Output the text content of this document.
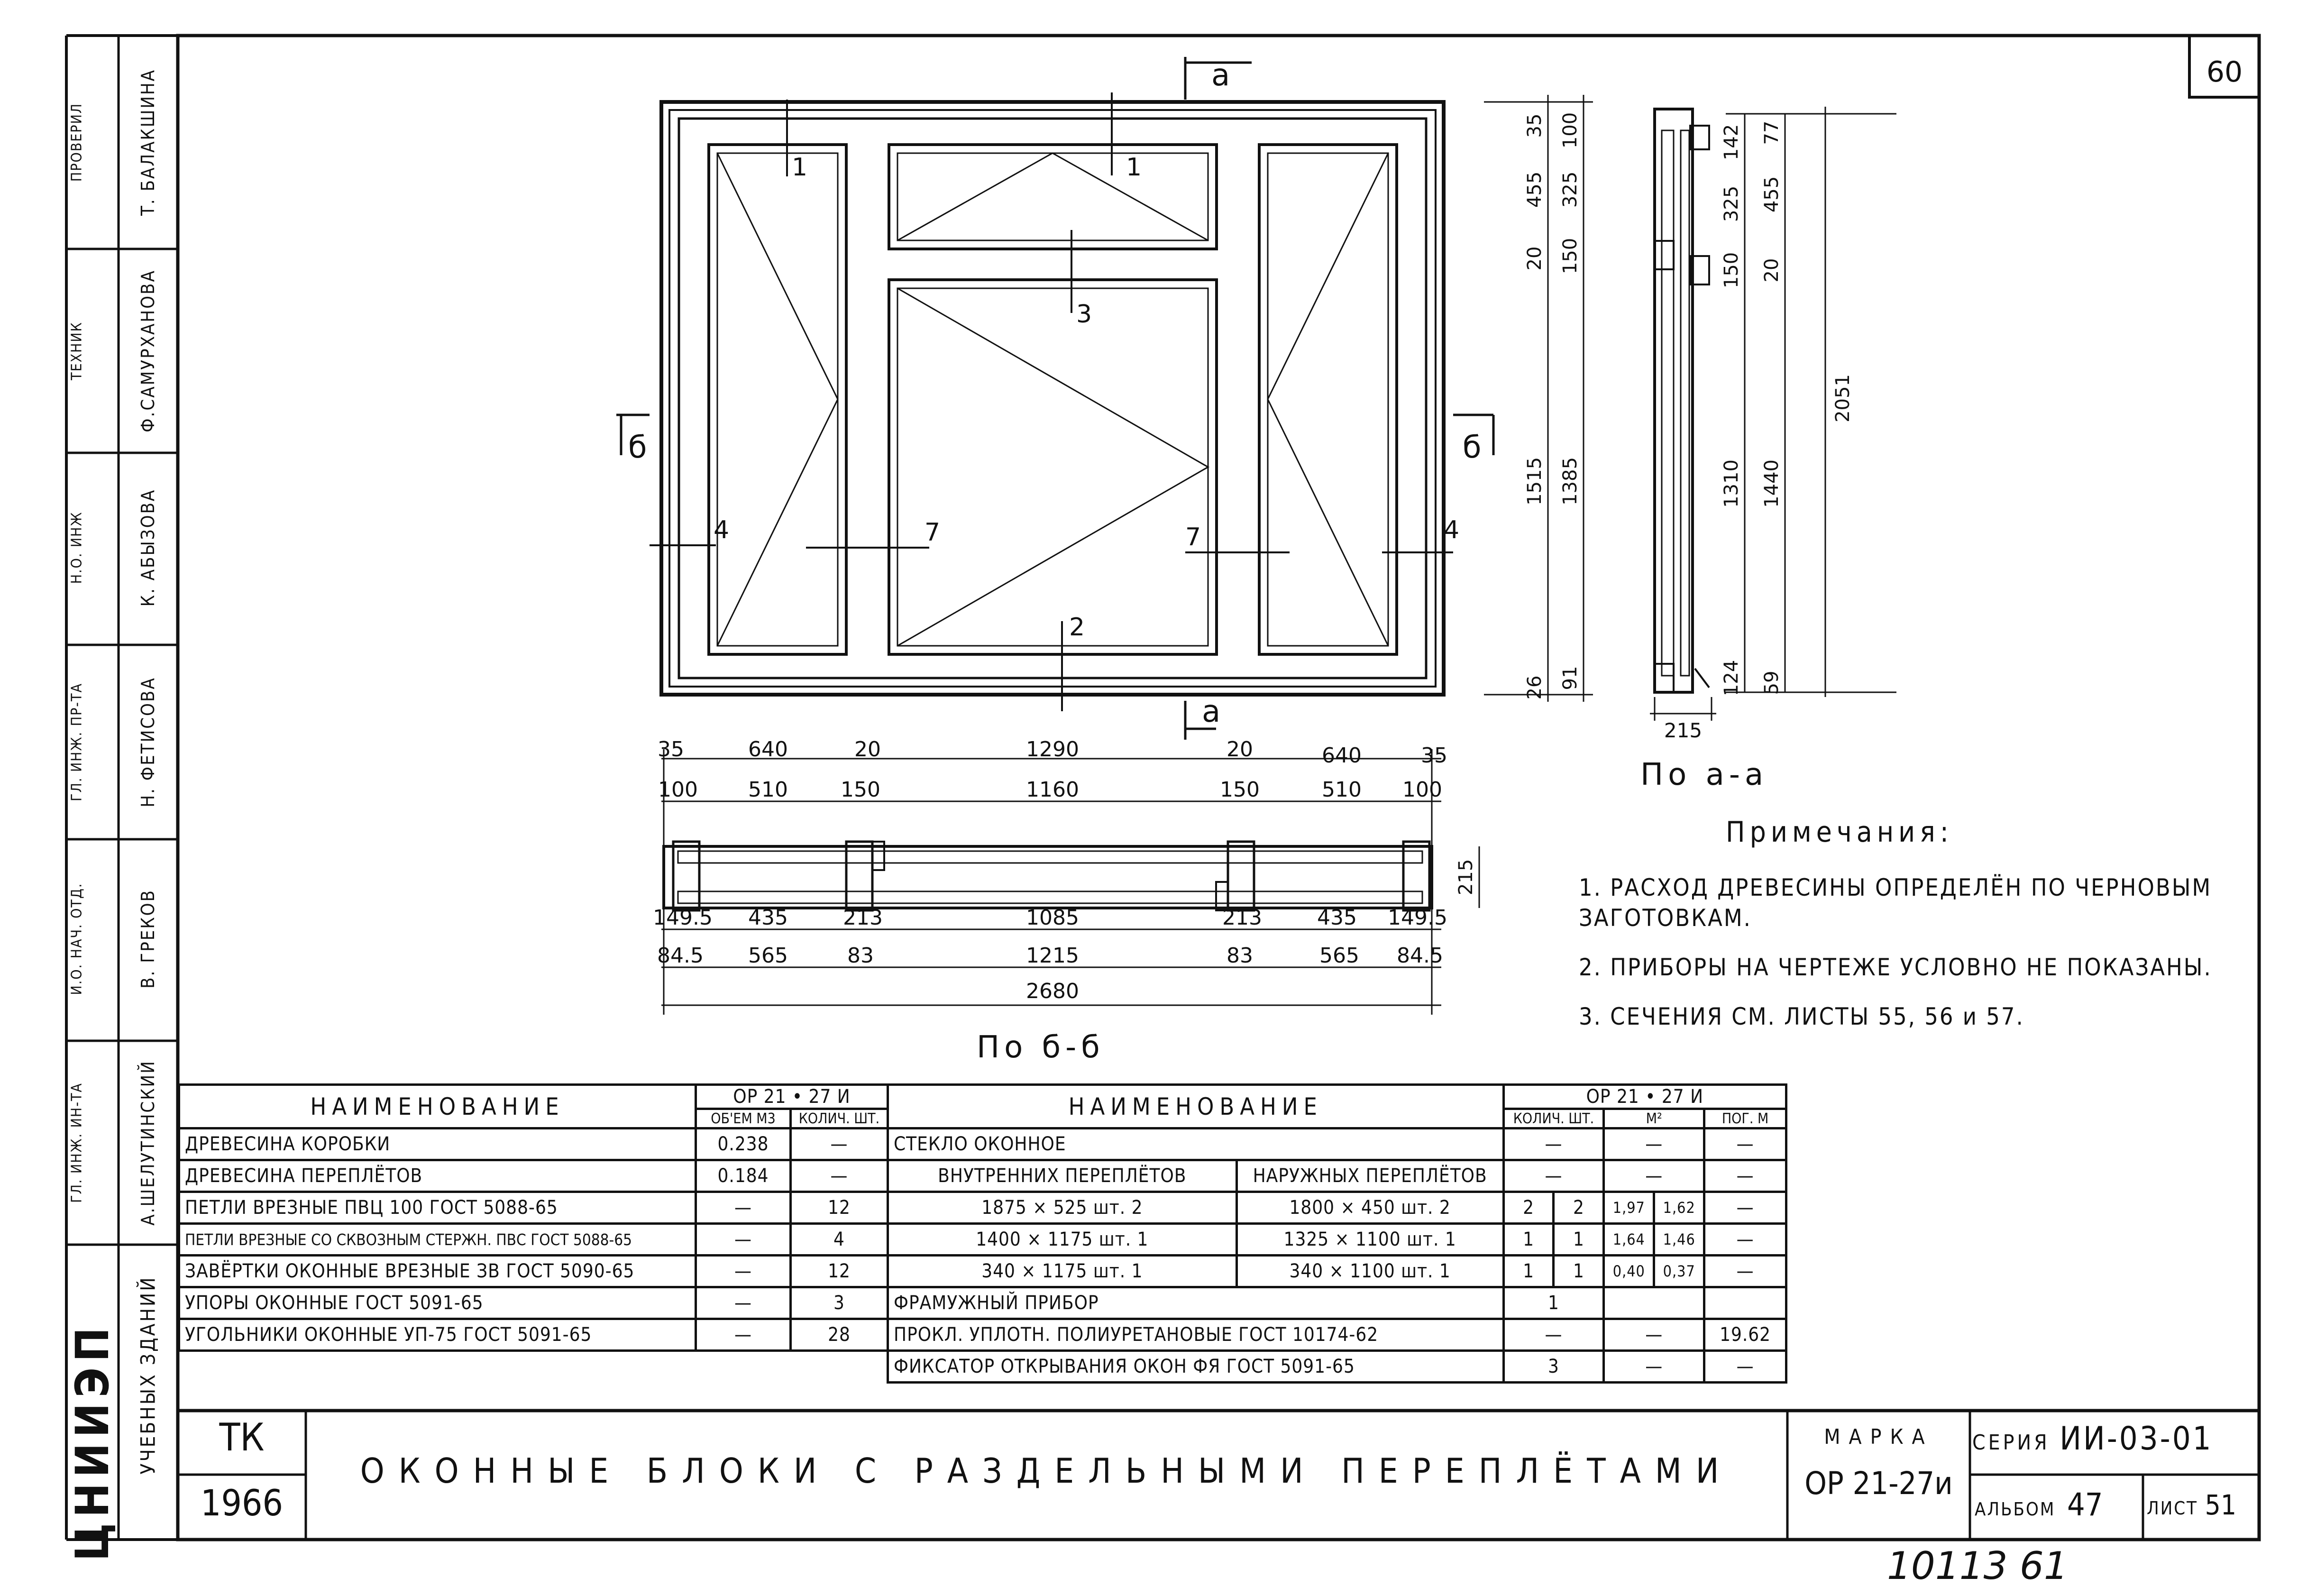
60
а
а
б	б
1	1
3
4	7	7	4
2
35
455
20
1515
26
100
325
150
1385
91
142
325
150
1310
124
77
455
20
1440
59
2051
215
215
По а-а
35	640	20	1290	20	640	35
100 510	150	1160	150	510 100
149.5 435	213	1085	213	435 149.5
84.5 565	83	1215	83	565 84.5
2680
По б-б
10113 61
ЦНИИЭП УЧЕБНЫХ ЗДАНИЙ
А.ШЕЛУТИНСКИЙ
В. ГРЕКОВ
Н. ФЕТИСОВА
К. АБЫЗОВА
Ф.САМУРХАНОВА
Т. БАЛАКШИНА
ГЛ. ИНЖ. ИН-ТА
И.О. НАЧ. ОТД.
ГЛ. ИНЖ. ПР-ТА
Н.О. ИНЖ
ТЕХНИК
ПРОВЕРИЛ
Примечания:
1. РАСХОД ДРЕВЕСИНЫ ОПРЕДЕЛЁН ПО ЧЕРНОВЫМ ЗАГОТОВКАМ.
2. ПРИБОРЫ НА ЧЕРТЕЖЕ УСЛОВНО НЕ ПОКАЗАНЫ.
3. СЕЧЕНИЯ СМ. ЛИСТЫ 55, 56 и 57.
НАИМЕНОВАНИЕ	ОР 21 • 27 И	
	ОБ'ЕМ М3	КОЛИЧ. ШТ.
ДРЕВЕСИНА КОРОБКИ	0.238	—
ДРЕВЕСИНА ПЕРЕПЛЁТОВ	0.184	—
ПЕТЛИ ВРЕЗНЫЕ ПВЦ 100 ГОСТ 5088-65	—	12
ПЕТЛИ ВРЕЗНЫЕ СО СКВОЗНЫМ СТЕРЖН. ПВС ГОСТ 5088-65	—	4
ЗАВЁРТКИ ОКОННЫЕ ВРЕЗНЫЕ ЗВ ГОСТ 5090-65	—	12
УПОРЫ ОКОННЫЕ ГОСТ 5091-65	—	3
УГОЛЬНИКИ ОКОННЫЕ УП-75 ГОСТ 5091-65	—	28
НАИМЕНОВАНИЕ		ОР 21 • 27 И				
		КОЛИЧ. ШТ.		М²		ПОГ. М
СТЕКЛО ОКОННОЕ		—		—		—
ВНУТРЕННИХ ПЕРЕПЛЁТОВ	НАРУЖНЫХ ПЕРЕПЛЁТОВ	—		—		—
1875 × 525 шт. 2	1800 × 450 шт. 2	2	2	1,97	1,62	—
1400 × 1175 шт. 1	1325 × 1100 шт. 1	1	1	1,64	1,46	—
340 × 1175 шт. 1	340 × 1100 шт. 1	1	1	0,40	0,37	—
ФРАМУЖНЫЙ ПРИБОР		1				
ПРОКЛ. УПЛОТН. ПОЛИУРЕТАНОВЫЕ ГОСТ 10174-62		—		—		19.62
ФИКСАТОР ОТКРЫВАНИЯ ОКОН ФЯ ГОСТ 5091-65		3		—		—
ТК
1966
ОКОННЫЕ БЛОКИ С РАЗДЕЛЬНЫМИ ПЕРЕПЛЁТАМИ
МАРКА
ОР 21-27и
СЕРИЯ ИИ-03-01
АЛЬБОМ 47	ЛИСТ 51
